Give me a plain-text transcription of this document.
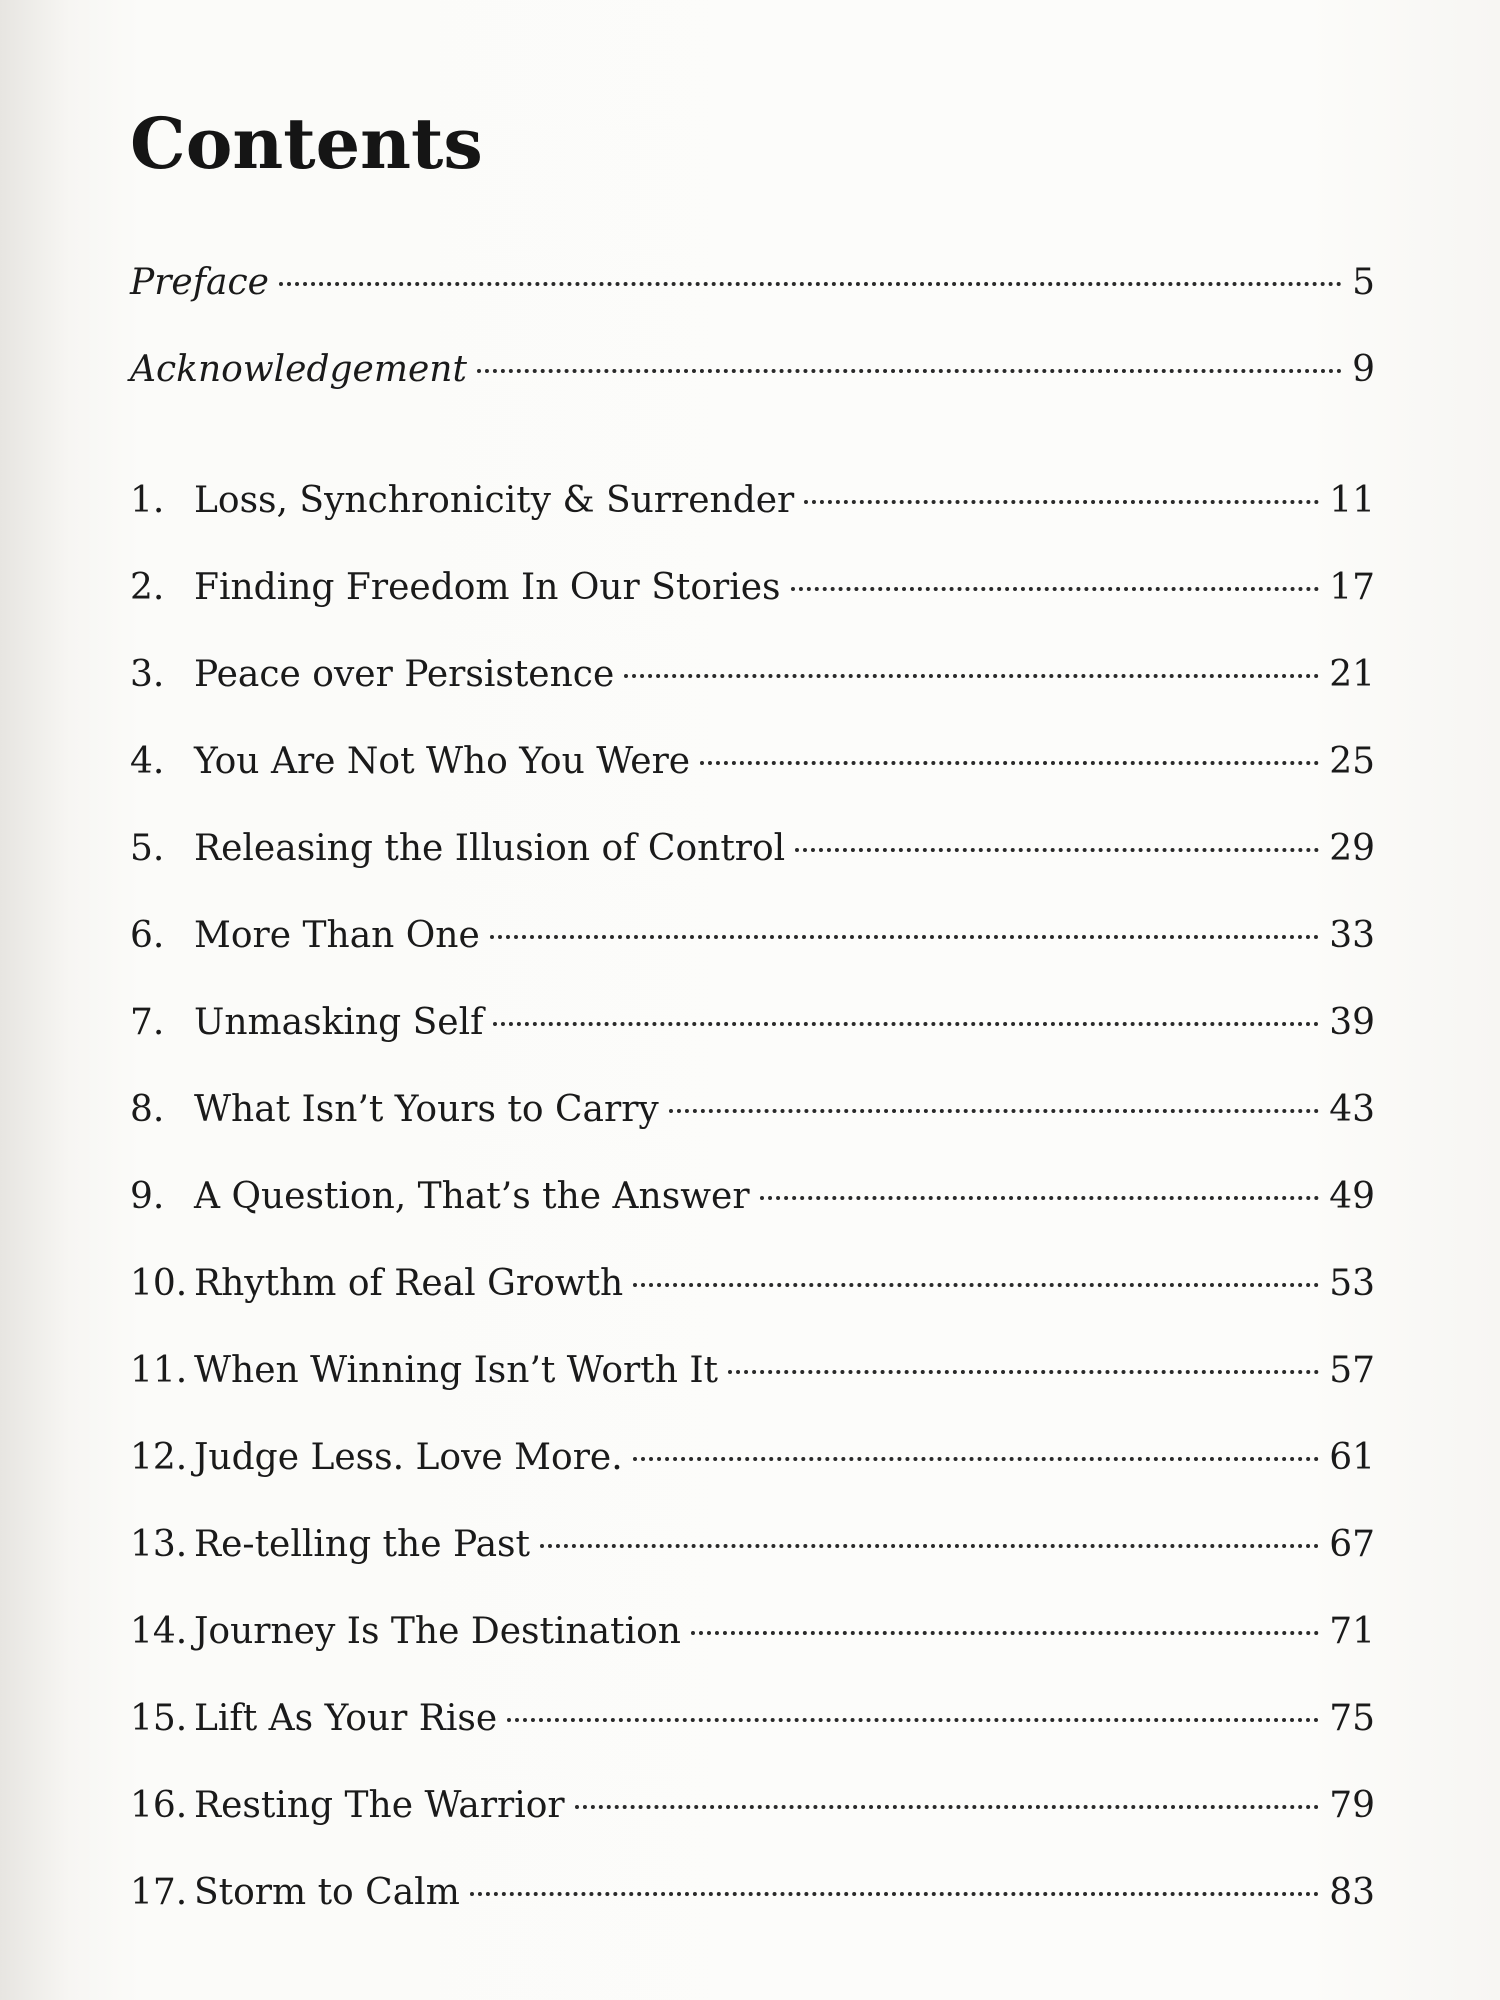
Contents
Preface	5
Acknowledgement	9
1. Loss, Synchronicity & Surrender	11
2. Finding Freedom In Our Stories	17
3. Peace over Persistence	21
4. You Are Not Who You Were	25
5. Releasing the Illusion of Control	29
6. More Than One	33
7. Unmasking Self	39
8. What Isn’t Yours to Carry	43
9. A Question, That’s the Answer	49
10. Rhythm of Real Growth	53
11. When Winning Isn’t Worth It	57
12. Judge Less. Love More.	61
13. Re-telling the Past	67
14. Journey Is The Destination	71
15. Lift As Your Rise	75
16. Resting The Warrior	79
17. Storm to Calm	83
